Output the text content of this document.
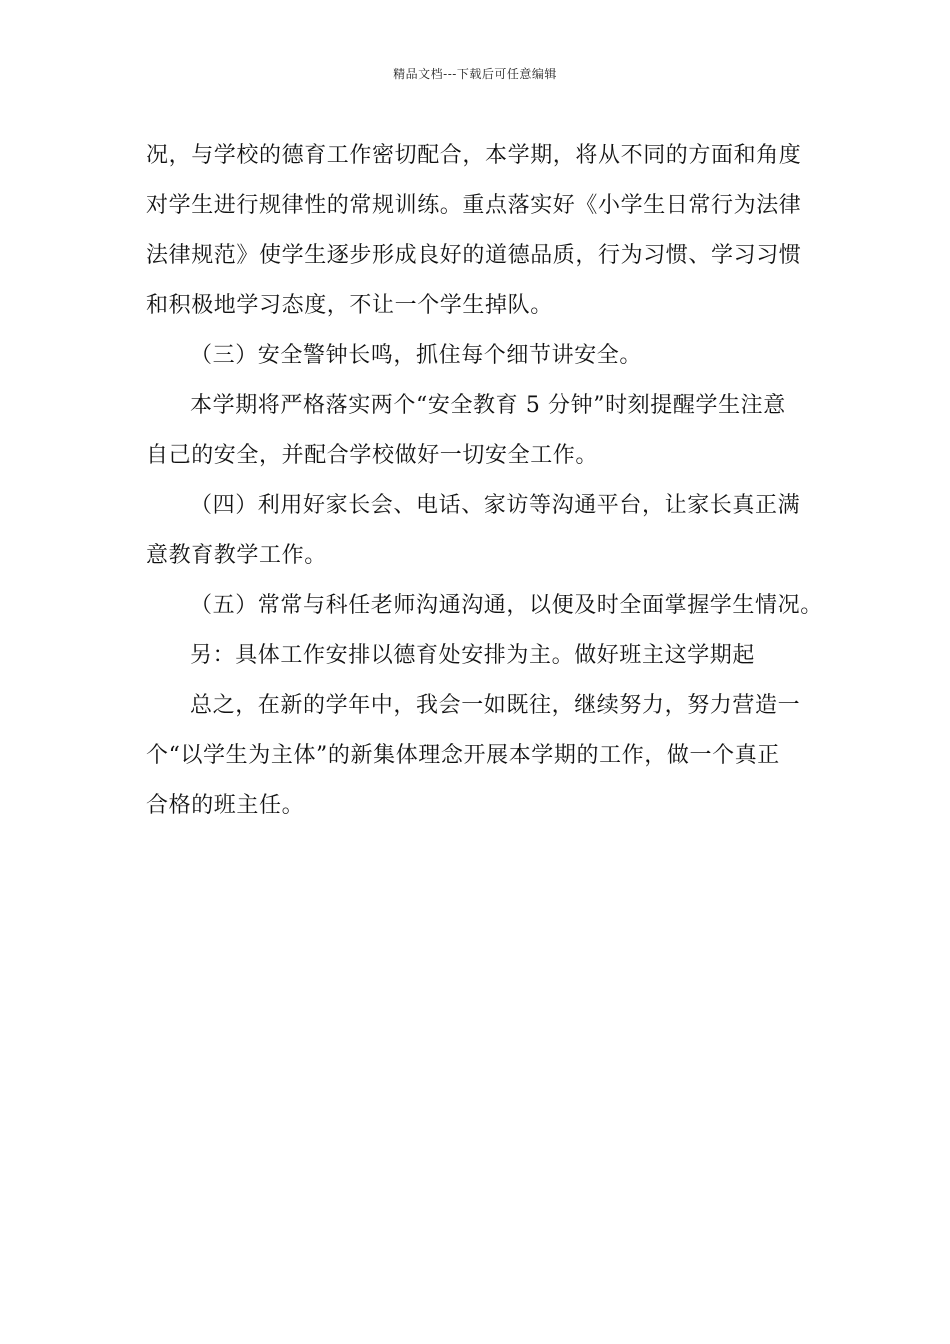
精品文档---下载后可任意编辑

况，与学校的德育工作密切配合，本学期，将从不同的方面和角度
对学生进行规律性的常规训练。重点落实好《小学生日常行为法律
法律规范》使学生逐步形成良好的道德品质，行为习惯、学习习惯
和积极地学习态度，不让一个学生掉队。

（三）安全警钟长鸣，抓住每个细节讲安全。

本学期将严格落实两个“安全教育 5 分钟”时刻提醒学生注意
自己的安全，并配合学校做好一切安全工作。

（四）利用好家长会、电话、家访等沟通平台，让家长真正满
意教育教学工作。

（五）常常与科任老师沟通沟通，以便及时全面掌握学生情况。

另：具体工作安排以德育处安排为主。做好班主这学期起

总之，在新的学年中，我会一如既往，继续努力，努力营造一
个“以学生为主体”的新集体理念开展本学期的工作，做一个真正
合格的班主任。
